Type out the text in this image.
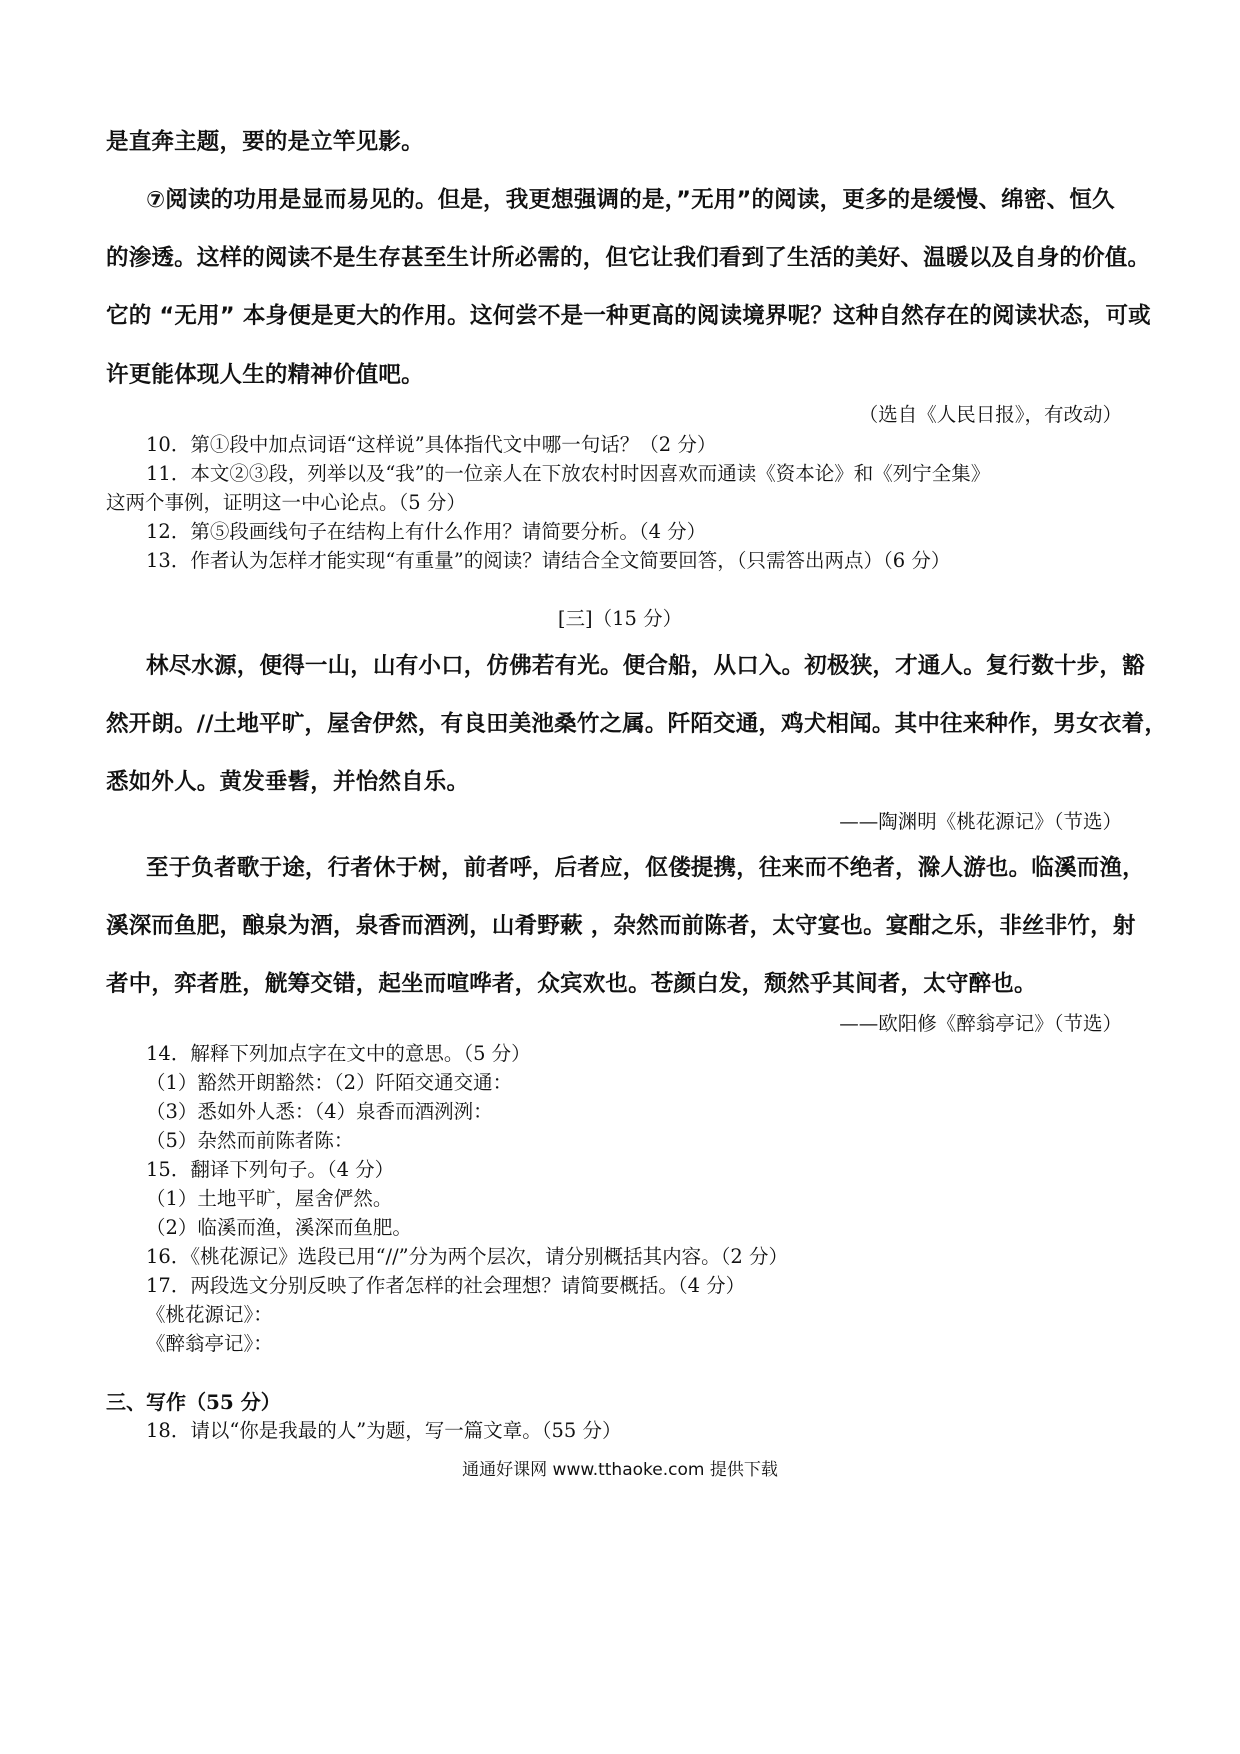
是直奔主题，要的是立竿见影。
⑦阅读的功用是显而易见的。但是，我更想强调的是，”无用”的阅读，更多的是缓慢、绵密、恒久
的渗透。这样的阅读不是生存甚至生计所必需的，但它让我们看到了生活的美好、温暖以及自身的价值。
它的 “无用” 本身便是更大的作用。这何尝不是一种更高的阅读境界呢？这种自然存在的阅读状态，可或
许更能体现人生的精神价值吧。
（选自《人民日报》，有改动）
10．第①段中加点词语“这样说”具体指代文中哪一句话？（2 分）
11．本文②③段，列举以及“我”的一位亲人在下放农村时因喜欢而通读《资本论》和《列宁全集》
这两个事例，证明这一中心论点。（5 分）
12．第⑤段画线句子在结构上有什么作用？请简要分析。（4 分）
13．作者认为怎样才能实现“有重量”的阅读？请结合全文简要回答，（只需答出两点）（6 分）
[三]（15 分）
林尽水源，便得一山，山有小口，仿佛若有光。便合船，从口入。初极狭，才通人。复行数十步，豁
然开朗。//土地平旷，屋舍伊然，有良田美池桑竹之属。阡陌交通，鸡犬相闻。其中往来种作，男女衣着，
悉如外人。黄发垂髫，并怡然自乐。
——陶渊明《桃花源记》（节选）
至于负者歌于途，行者休于树，前者呼，后者应，伛偻提携，往来而不绝者，滁人游也。临溪而渔，
溪深而鱼肥，酿泉为酒，泉香而酒洌，山肴野蔌 ，杂然而前陈者，太守宴也。宴酣之乐，非丝非竹，射
者中，弈者胜，觥筹交错，起坐而喧哗者，众宾欢也。苍颜白发，颓然乎其间者，太守醉也。
——欧阳修《醉翁亭记》（节选）
14．解释下列加点字在文中的意思。（5 分）
（1）豁然开朗豁然：（2）阡陌交通交通：
（3）悉如外人悉：（4）泉香而酒洌洌：
（5）杂然而前陈者陈：
15．翻译下列句子。（4 分）
（1）土地平旷，屋舍俨然。
（2）临溪而渔，溪深而鱼肥。
16．《桃花源记》选段已用“//”分为两个层次，请分别概括其内容。（2 分）
17．两段选文分别反映了作者怎样的社会理想？请简要概括。（4 分）
《桃花源记》：
《醉翁亭记》：
三、写作（55 分）
18．请以“你是我最的人”为题，写一篇文章。（55 分）
通通好课网 www.tthaoke.com 提供下载
